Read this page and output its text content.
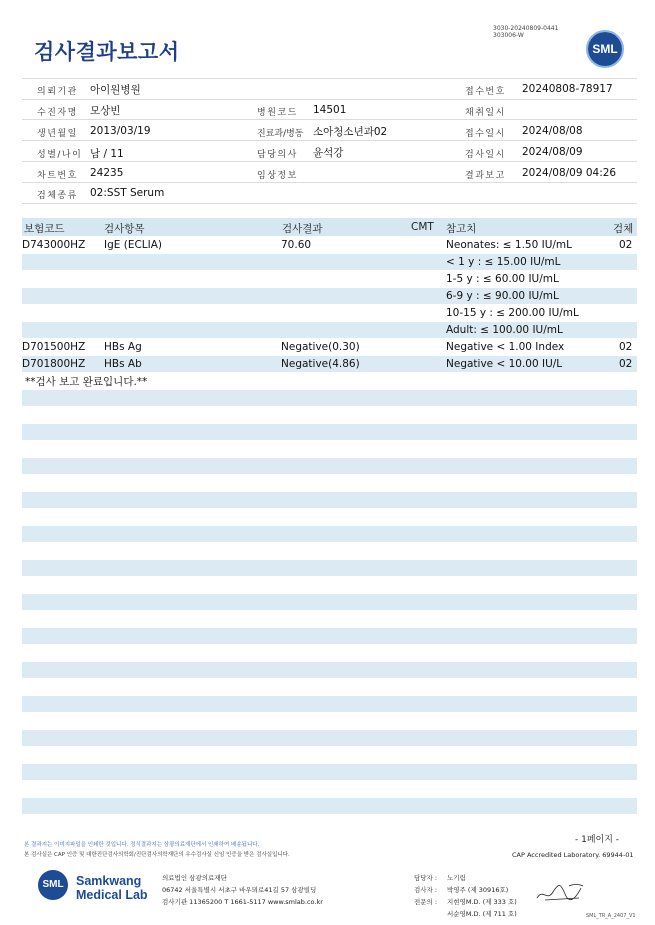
검사결과보고서
3030-20240809-0441
303006-W
SML
의뢰기관 아이원병원	접수번호 20240808-78917
수진자명 모상빈	병원코드 14501	채취일시
생년월일 2013/03/19	진료과/병동 소아청소년과02	접수일시 2024/08/08
성별/나이 남 / 11	담당의사 윤석강	검사일시 2024/08/09
차트번호 24235	임상정보	결과보고 2024/08/09 04:26
검체종류 02:SST Serum
보험코드	검사항목	검사결과	CMT 참고치	검체
D743000HZ IgE (ECLIA)	70.60	Neonates: ≤ 1.50 IU/mL	02
< 1 y : ≤ 15.00 IU/mL
1-5 y : ≤ 60.00 IU/mL
6-9 y : ≤ 90.00 IU/mL
10-15 y : ≤ 200.00 IU/mL
Adult: ≤ 100.00 IU/mL
D701500HZ HBs Ag	Negative(0.30)	Negative < 1.00 Index	02
D701800HZ HBs Ab	Negative(4.86)	Negative < 10.00 IU/L	02
**검사 보고 완료입니다.**
- 1페이지 -
본 결과지는 이미지파일을 인쇄한 것입니다. 정식결과지는 삼광의료재단에서 인쇄하여 배송됩니다.
본 검사실은 CAP 인증 및 대한진단검사의학회/진단검사의학재단의 우수검사실 신임 인증을 받은 검사실입니다.	CAP Accredited Laboratory. 69944-01
SML Samkwang
Medical Lab
의료법인 삼광의료재단
06742 서울특별시 서초구 바우뫼로41길 57 삼광빌딩
검사기관 11365200 T 1661-5117 www.smlab.co.kr
담당자 :
검사자 :
전문의 :
노기림
박영주 (제 30916호)
지현영M.D. (제 333 호)
서순영M.D. (제 711 호)	SML_TR_A_2407_V1
